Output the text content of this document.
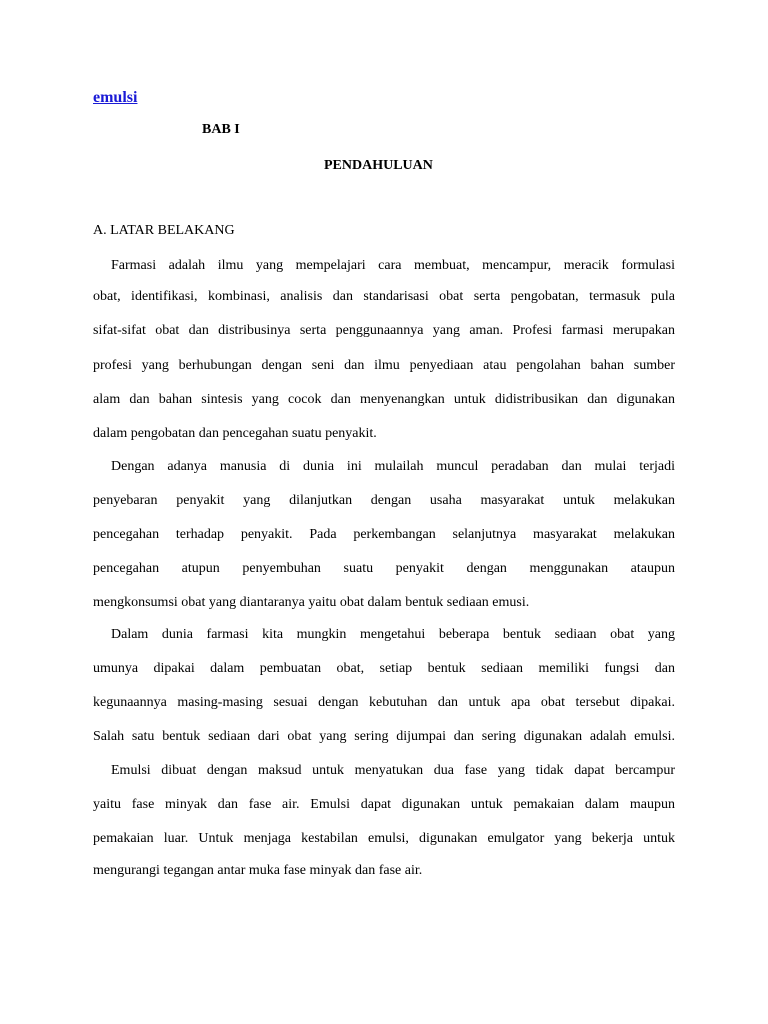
emulsi
BAB I
PENDAHULUAN
A. LATAR BELAKANG
Farmasi adalah ilmu yang mempelajari cara membuat, mencampur, meracik formulasi
obat, identifikasi, kombinasi, analisis dan standarisasi obat serta pengobatan, termasuk pula
sifat-sifat obat dan distribusinya serta penggunaannya yang aman. Profesi farmasi merupakan
profesi yang berhubungan dengan seni dan ilmu penyediaan atau pengolahan bahan sumber
alam dan bahan sintesis yang cocok dan menyenangkan untuk didistribusikan dan digunakan
dalam pengobatan dan pencegahan suatu penyakit.
Dengan adanya manusia di dunia ini mulailah muncul peradaban dan mulai terjadi
penyebaran penyakit yang dilanjutkan dengan usaha masyarakat untuk melakukan
pencegahan terhadap penyakit. Pada perkembangan selanjutnya masyarakat melakukan
pencegahan atupun penyembuhan suatu penyakit dengan menggunakan ataupun
mengkonsumsi obat yang diantaranya yaitu obat dalam bentuk sediaan emusi.
Dalam dunia farmasi kita mungkin mengetahui beberapa bentuk sediaan obat yang
umunya dipakai dalam pembuatan obat, setiap bentuk sediaan memiliki fungsi dan
kegunaannya masing-masing sesuai dengan kebutuhan dan untuk apa obat tersebut dipakai.
Salah satu bentuk sediaan dari obat yang sering dijumpai dan sering digunakan adalah emulsi.
Emulsi dibuat dengan maksud untuk menyatukan dua fase yang tidak dapat bercampur
yaitu fase minyak dan fase air. Emulsi dapat digunakan untuk pemakaian dalam maupun
pemakaian luar. Untuk menjaga kestabilan emulsi, digunakan emulgator yang bekerja untuk
mengurangi tegangan antar muka fase minyak dan fase air.
